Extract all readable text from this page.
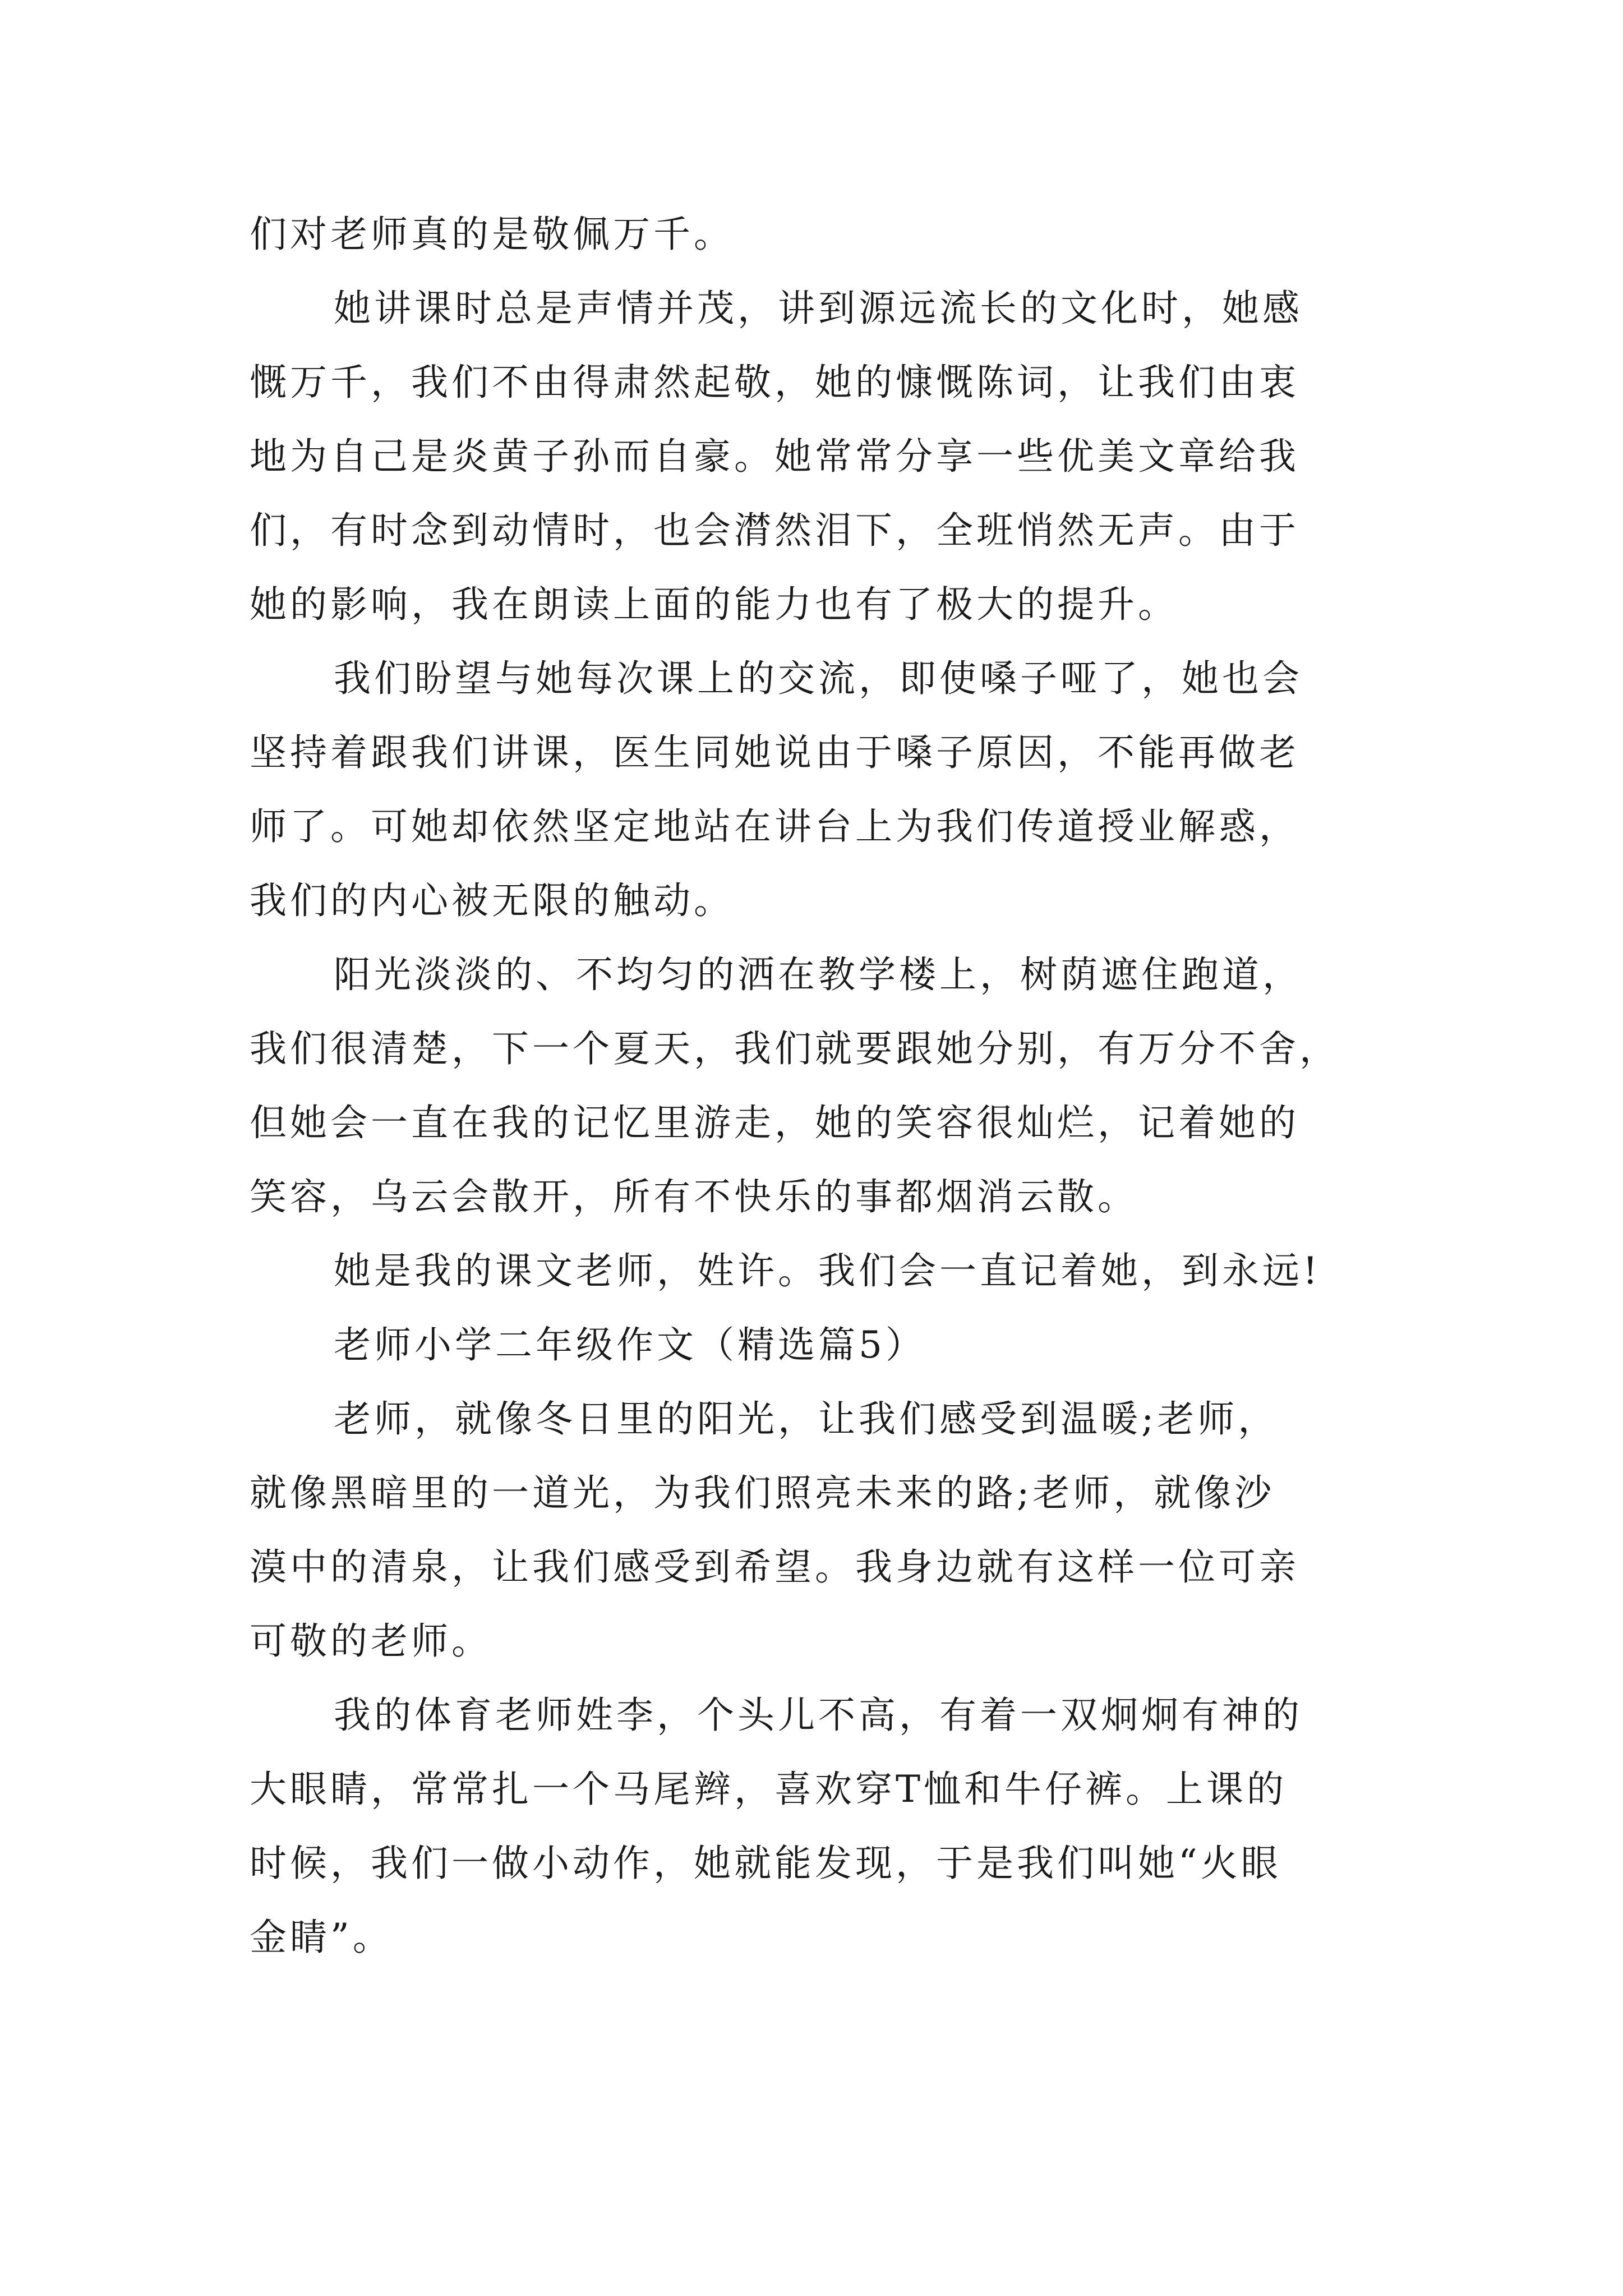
们对老师真的是敬佩万千。
她讲课时总是声情并茂，讲到源远流长的文化时，她感
慨万千，我们不由得肃然起敬，她的慷慨陈词，让我们由衷
地为自己是炎黄子孙而自豪。她常常分享一些优美文章给我
们，有时念到动情时，也会潸然泪下，全班悄然无声。由于
她的影响，我在朗读上面的能力也有了极大的提升。
我们盼望与她每次课上的交流，即使嗓子哑了，她也会
坚持着跟我们讲课，医生同她说由于嗓子原因，不能再做老
师了。可她却依然坚定地站在讲台上为我们传道授业解惑，
我们的内心被无限的触动。
阳光淡淡的、不均匀的洒在教学楼上，树荫遮住跑道，
我们很清楚，下一个夏天，我们就要跟她分别，有万分不舍，
但她会一直在我的记忆里游走，她的笑容很灿烂，记着她的
笑容，乌云会散开，所有不快乐的事都烟消云散。
她是我的课文老师，姓许。我们会一直记着她，到永远!
老师小学二年级作文（精选篇5）
老师，就像冬日里的阳光，让我们感受到温暖;老师，
就像黑暗里的一道光，为我们照亮未来的路;老师，就像沙
漠中的清泉，让我们感受到希望。我身边就有这样一位可亲
可敬的老师。
我的体育老师姓李，个头儿不高，有着一双炯炯有神的
大眼睛，常常扎一个马尾辫，喜欢穿T恤和牛仔裤。上课的
时候，我们一做小动作，她就能发现，于是我们叫她“火眼
金睛”。
